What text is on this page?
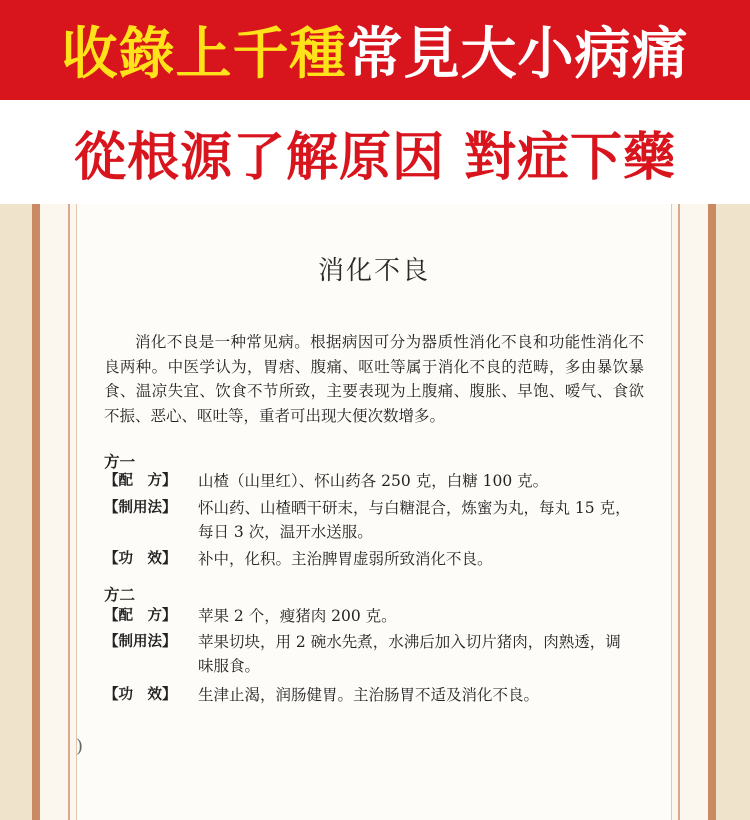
收錄上千種常見大小病痛
從根源了解原因 對症下藥
消化不良
消化不良是一种常见病。根据病因可分为器质性消化不良和功能性消化不良两种。中医学认为，胃痞、腹痛、呕吐等属于消化不良的范畴，多由暴饮暴食、温凉失宜、饮食不节所致，主要表现为上腹痛、腹胀、早饱、嗳气、食欲不振、恶心、呕吐等，重者可出现大便次数增多。
方一
【配　方】	山楂（山里红）、怀山药各 250 克，白糖 100 克。
【制用法】	怀山药、山楂晒干研末，与白糖混合，炼蜜为丸，每丸 15 克，
每日 3 次，温开水送服。
【功　效】	补中，化积。主治脾胃虚弱所致消化不良。
方二
【配　方】	苹果 2 个，瘦猪肉 200 克。
【制用法】	苹果切块，用 2 碗水先煮，水沸后加入切片猪肉，肉熟透，调
味服食。
【功　效】	生津止渴，润肠健胃。主治肠胃不适及消化不良。
)
